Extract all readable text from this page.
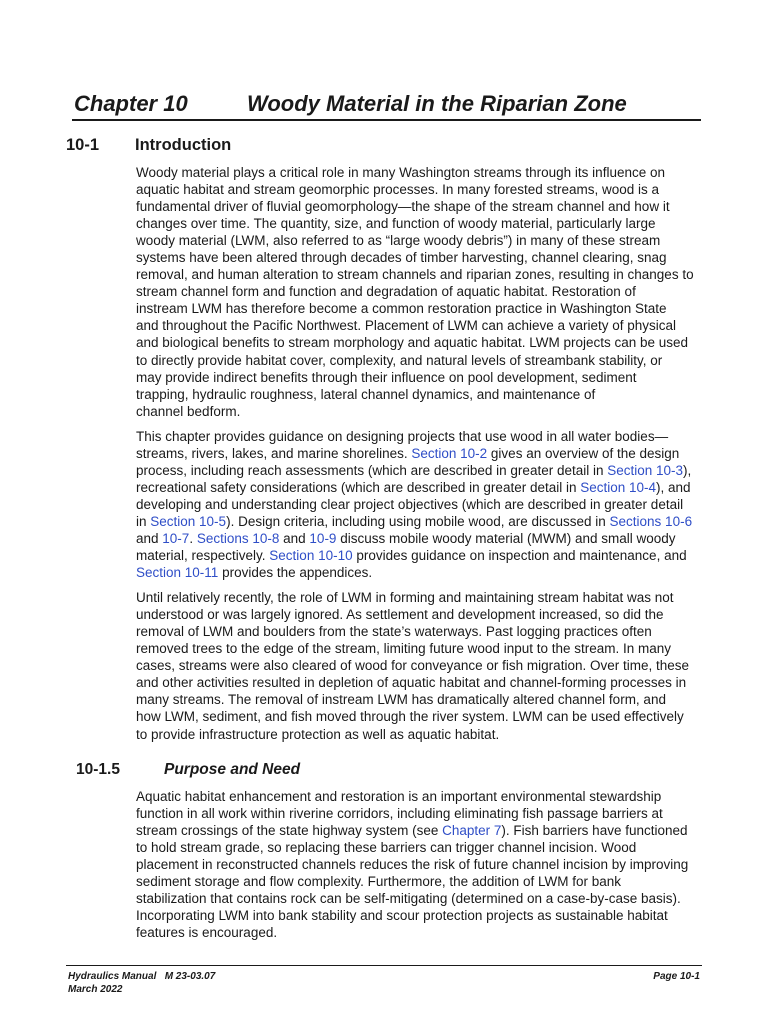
Chapter 10	Woody Material in the Riparian Zone
10-1 Introduction

Woody material plays a critical role in many Washington streams through its influence on
aquatic habitat and stream geomorphic processes. In many forested streams, wood is a
fundamental driver of fluvial geomorphology—the shape of the stream channel and how it
changes over time. The quantity, size, and function of woody material, particularly large
woody material (LWM, also referred to as “large woody debris”) in many of these stream
systems have been altered through decades of timber harvesting, channel clearing, snag
removal, and human alteration to stream channels and riparian zones, resulting in changes to
stream channel form and function and degradation of aquatic habitat. Restoration of
instream LWM has therefore become a common restoration practice in Washington State
and throughout the Pacific Northwest. Placement of LWM can achieve a variety of physical
and biological benefits to stream morphology and aquatic habitat. LWM projects can be used
to directly provide habitat cover, complexity, and natural levels of streambank stability, or
may provide indirect benefits through their influence on pool development, sediment
trapping, hydraulic roughness, lateral channel dynamics, and maintenance of
channel bedform.

This chapter provides guidance on designing projects that use wood in all water bodies—
streams, rivers, lakes, and marine shorelines. Section 10-2 gives an overview of the design
process, including reach assessments (which are described in greater detail in Section 10-3),
recreational safety considerations (which are described in greater detail in Section 10-4), and
developing and understanding clear project objectives (which are described in greater detail
in Section 10-5). Design criteria, including using mobile wood, are discussed in Sections 10-6
and 10-7. Sections 10-8 and 10-9 discuss mobile woody material (MWM) and small woody
material, respectively. Section 10-10 provides guidance on inspection and maintenance, and
Section 10-11 provides the appendices.

Until relatively recently, the role of LWM in forming and maintaining stream habitat was not
understood or was largely ignored. As settlement and development increased, so did the
removal of LWM and boulders from the state’s waterways. Past logging practices often
removed trees to the edge of the stream, limiting future wood input to the stream. In many
cases, streams were also cleared of wood for conveyance or fish migration. Over time, these
and other activities resulted in depletion of aquatic habitat and channel-forming processes in
many streams. The removal of instream LWM has dramatically altered channel form, and
how LWM, sediment, and fish moved through the river system. LWM can be used effectively
to provide infrastructure protection as well as aquatic habitat.

10-1.5	Purpose and Need

Aquatic habitat enhancement and restoration is an important environmental stewardship
function in all work within riverine corridors, including eliminating fish passage barriers at
stream crossings of the state highway system (see Chapter 7). Fish barriers have functioned
to hold stream grade, so replacing these barriers can trigger channel incision. Wood
placement in reconstructed channels reduces the risk of future channel incision by improving
sediment storage and flow complexity. Furthermore, the addition of LWM for bank
stabilization that contains rock can be self-mitigating (determined on a case-by-case basis).
Incorporating LWM into bank stability and scour protection projects as sustainable habitat
features is encouraged.

Hydraulics Manual   M 23-03.07
March 2022
Page 10-1
